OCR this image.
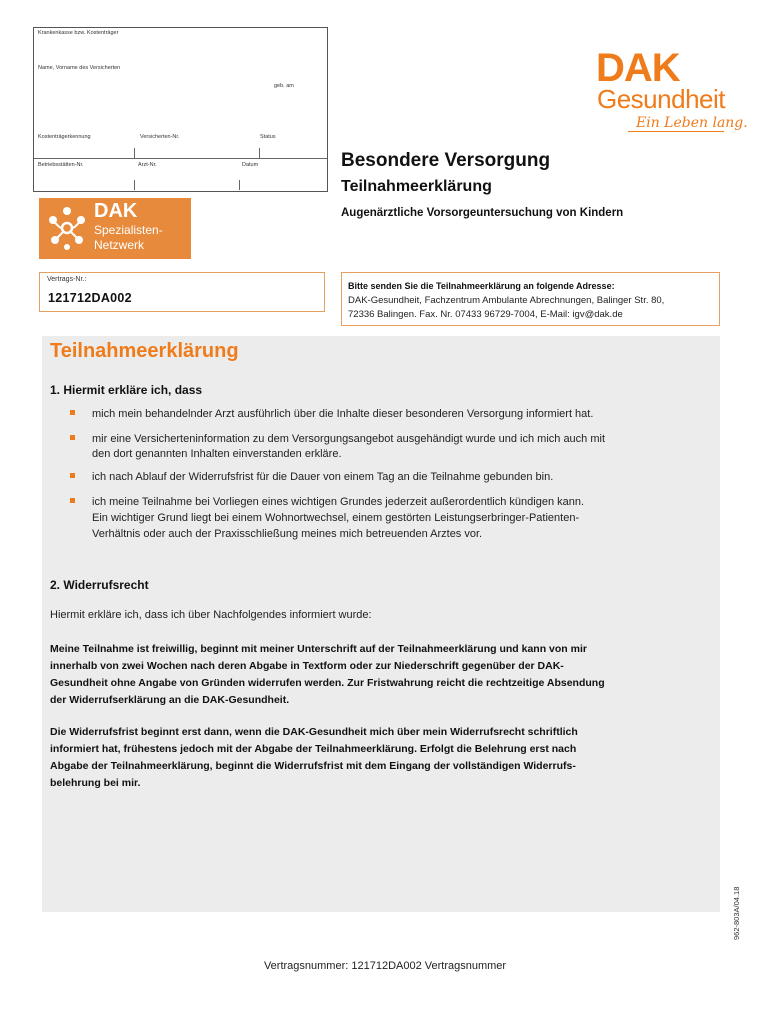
Krankenkasse bzw. Kostenträger
Name, Vorname des Versicherten
geb. am
Kostenträgerkennung	Versicherten-Nr.	Status
Betriebsstätten-Nr.	Arzt-Nr.	Datum
DAK
Gesundheit
Ein Leben lang.
Besondere Versorgung
Teilnahmeerklärung
Augenärztliche Vorsorgeuntersuchung von Kindern
DAK
Spezialisten-
Netzwerk
Vertrags-Nr.:
121712DA002
Bitte senden Sie die Teilnahmeerklärung an folgende Adresse:
DAK-Gesundheit, Fachzentrum Ambulante Abrechnungen, Balinger Str. 80,
72336 Balingen. Fax. Nr. 07433 96729-7004, E-Mail: igv@dak.de
Teilnahmeerklärung
1. Hiermit erkläre ich, dass
mich mein behandelnder Arzt ausführlich über die Inhalte dieser besonderen Versorgung informiert hat.
mir eine Versicherteninformation zu dem Versorgungsangebot ausgehändigt wurde und ich mich auch mit
den dort genannten Inhalten einverstanden erkläre.
ich nach Ablauf der Widerrufsfrist für die Dauer von einem Tag an die Teilnahme gebunden bin.
ich meine Teilnahme bei Vorliegen eines wichtigen Grundes jederzeit außerordentlich kündigen kann.
Ein wichtiger Grund liegt bei einem Wohnortwechsel, einem gestörten Leistungserbringer-Patienten-
Verhältnis oder auch der Praxisschließung meines mich betreuenden Arztes vor.
2. Widerrufsrecht
Hiermit erkläre ich, dass ich über Nachfolgendes informiert wurde:
Meine Teilnahme ist freiwillig, beginnt mit meiner Unterschrift auf der Teilnahmeerklärung und kann von mir
innerhalb von zwei Wochen nach deren Abgabe in Textform oder zur Niederschrift gegenüber der DAK-
Gesundheit ohne Angabe von Gründen widerrufen werden. Zur Fristwahrung reicht die rechtzeitige Absendung
der Widerrufserklärung an die DAK-Gesundheit.
Die Widerrufsfrist beginnt erst dann, wenn die DAK-Gesundheit mich über mein Widerrufsrecht schriftlich
informiert hat, frühestens jedoch mit der Abgabe der Teilnahmeerklärung. Erfolgt die Belehrung erst nach
Abgabe der Teilnahmeerklärung, beginnt die Widerrufsfrist mit dem Eingang der vollständigen Widerrufs-
belehrung bei mir.
962-803A/04.18
Vertragsnummer: 121712DA002 Vertragsnummer
